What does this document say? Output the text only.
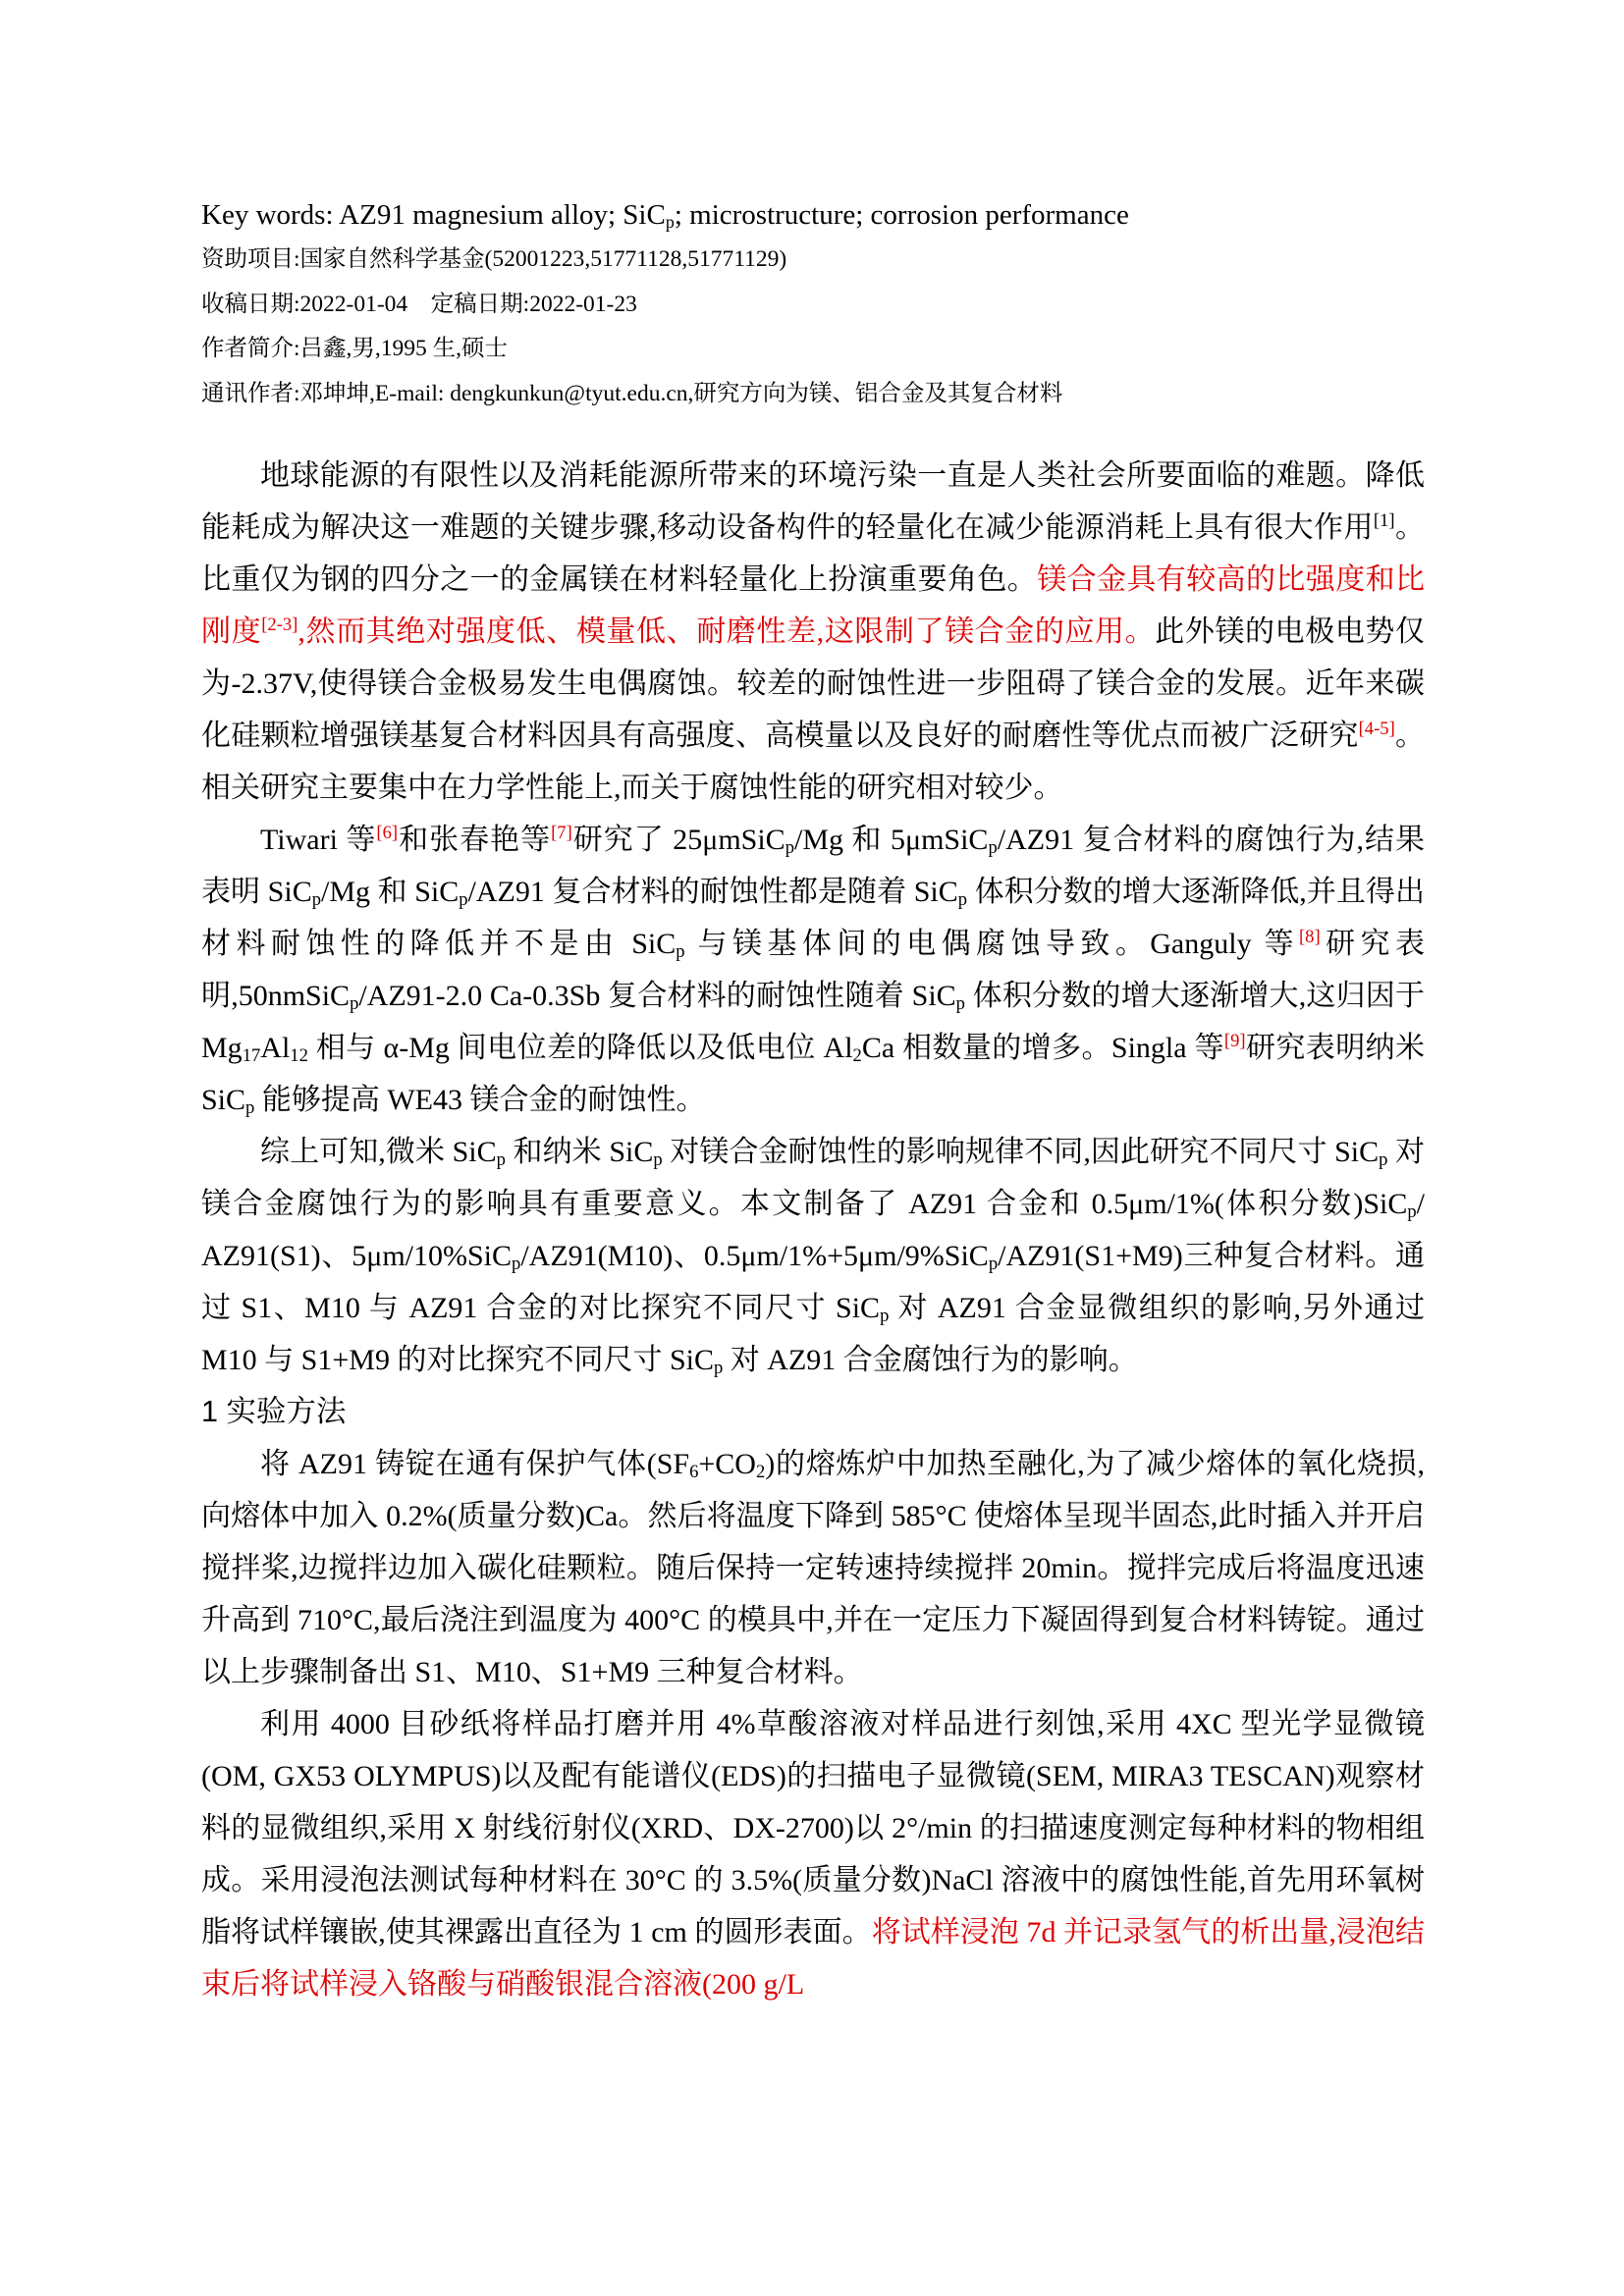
Key words: AZ91 magnesium alloy; SiC$_p$; microstructure; corrosion performance

资助项目:国家自然科学基金(52001223,51771128,51771129)

收稿日期:2022-01-04　定稿日期:2022-01-23

作者简介:吕鑫,男,1995 生,硕士

通讯作者:邓坤坤,E-mail: dengkunkun@tyut.edu.cn,研究方向为镁、铝合金及其复合材料

地球能源的有限性以及消耗能源所带来的环境污染一直是人类社会所要面临的难题。降低能耗成为解决这一难题的关键步骤,移动设备构件的轻量化在减少能源消耗上具有很大作用[1]。比重仅为钢的四分之一的金属镁在材料轻量化上扮演重要角色。镁合金具有较高的比强度和比刚度[2-3],然而其绝对强度低、模量低、耐磨性差,这限制了镁合金的应用。此外镁的电极电势仅为-2.37V,使得镁合金极易发生电偶腐蚀。较差的耐蚀性进一步阻碍了镁合金的发展。近年来碳化硅颗粒增强镁基复合材料因具有高强度、高模量以及良好的耐磨性等优点而被广泛研究[4-5]。相关研究主要集中在力学性能上,而关于腐蚀性能的研究相对较少。

Tiwari 等[6]和张春艳等[7]研究了 25μmSiC$_p$/Mg 和 5μmSiC$_p$/AZ91 复合材料的腐蚀行为,结果表明 SiC$_p$/Mg 和 SiC$_p$/AZ91 复合材料的耐蚀性都是随着 SiC$_p$ 体积分数的增大逐渐降低,并且得出材料耐蚀性的降低并不是由 SiC$_p$ 与镁基体间的电偶腐蚀导致。Ganguly 等[8]研究表明,50nmSiC$_p$/AZ91-2.0 Ca-0.3Sb 复合材料的耐蚀性随着 SiC$_p$ 体积分数的增大逐渐增大,这归因于 $Mg_{17}Al_{12}$ 相与 α-Mg 间电位差的降低以及低电位 $Al_2Ca$ 相数量的增多。Singla 等[9]研究表明纳米 SiC$_p$ 能够提高 WE43 镁合金的耐蚀性。

综上可知,微米 SiC$_p$ 和纳米 SiC$_p$ 对镁合金耐蚀性的影响规律不同,因此研究不同尺寸 SiC$_p$ 对镁合金腐蚀行为的影响具有重要意义。本文制备了 AZ91 合金和 0.5μm/1%(体积分数)SiC$_p$/ AZ91(S1)、5μm/10%SiC$_p$/AZ91(M10)、0.5μm/1%+5μm/9%SiC$_p$/AZ91(S1+M9)三种复合材料。通过 S1、M10 与 AZ91 合金的对比探究不同尺寸 SiC$_p$ 对 AZ91 合金显微组织的影响,另外通过 M10 与 S1+M9 的对比探究不同尺寸 SiC$_p$ 对 AZ91 合金腐蚀行为的影响。

1 实验方法

将 AZ91 铸锭在通有保护气体$(SF_6+CO_2)$的熔炼炉中加热至融化,为了减少熔体的氧化烧损,向熔体中加入 0.2%(质量分数)Ca。然后将温度下降到 585°C 使熔体呈现半固态,此时插入并开启搅拌桨,边搅拌边加入碳化硅颗粒。随后保持一定转速持续搅拌 20min。搅拌完成后将温度迅速升高到 710°C,最后浇注到温度为 400°C 的模具中,并在一定压力下凝固得到复合材料铸锭。通过以上步骤制备出 S1、M10、S1+M9 三种复合材料。

利用 4000 目砂纸将样品打磨并用 4%草酸溶液对样品进行刻蚀,采用 4XC 型光学显微镜(OM, GX53 OLYMPUS)以及配有能谱仪(EDS)的扫描电子显微镜(SEM, MIRA3 TESCAN)观察材料的显微组织,采用 X 射线衍射仪(XRD、DX-2700)以 2°/min 的扫描速度测定每种材料的物相组成。采用浸泡法测试每种材料在 30°C 的 3.5%(质量分数)NaCl 溶液中的腐蚀性能,首先用环氧树脂将试样镶嵌,使其裸露出直径为 1 cm 的圆形表面。将试样浸泡 7d 并记录氢气的析出量,浸泡结束后将试样浸入铬酸与硝酸银混合溶液(200 g/L
